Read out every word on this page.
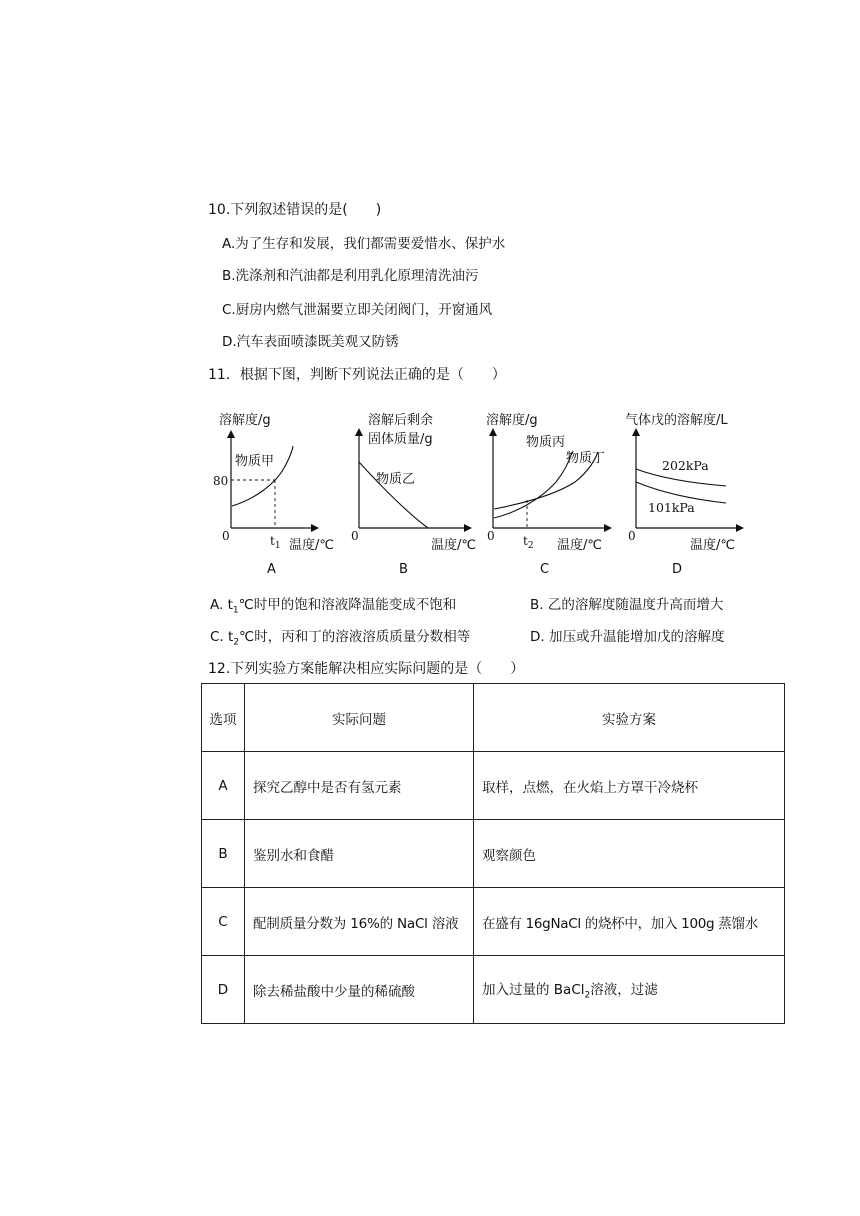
10.下列叙述错误的是(　　)
A.为了生存和发展，我们都需要爱惜水、保护水
B.洗涤剂和汽油都是利用乳化原理清洗油污
C.厨房内燃气泄漏要立即关闭阀门，开窗通风
D.汽车表面喷漆既美观又防锈
11．根据下图，判断下列说法正确的是（　　）
溶解度/g
0
80
物质甲
$t_1$ 温度/℃
A
溶解后剩余
固体质量/g
0
物质乙
温度/℃
B
溶解度/g
0
物质丙
物质丁
$t_2$ 温度/℃
C
气体戊的溶解度/L
0
202kPa
101kPa
温度/℃
D
A. $t_1℃$时甲的饱和溶液降温能变成不饱和	B. 乙的溶解度随温度升高而增大
C. $t_2℃$时，丙和丁的溶液溶质质量分数相等	D. 加压或升温能增加戊的溶解度
12.下列实验方案能解决相应实际问题的是（　　）
选项	实际问题	实验方案
A	探究乙醇中是否有氢元素	取样，点燃，在火焰上方罩干冷烧杯
B	鉴别水和食醋	观察颜色
C	配制质量分数为 16%的 NaCl 溶液	在盛有 16gNaCl 的烧杯中，加入 100g 蒸馏水
D	除去稀盐酸中少量的稀硫酸	加入过量的 BaCl$_2$溶液，过滤
